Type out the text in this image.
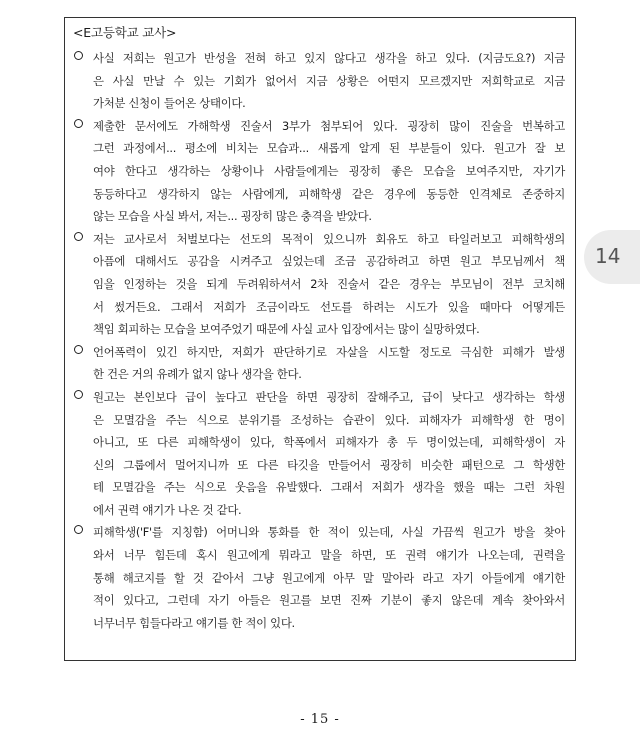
<E고등학교 교사>
사실 저희는 원고가 반성을 전혀 하고 있지 않다고 생각을 하고 있다. (지금도요?) 지금
은 사실 만날 수 있는 기회가 없어서 지금 상황은 어떤지 모르겠지만 저희학교로 지금
가처분 신청이 들어온 상태이다.
제출한 문서에도 가해학생 진술서 3부가 첨부되어 있다. 굉장히 많이 진술을 번복하고
그런 과정에서... 평소에 비치는 모습과... 새롭게 알게 된 부분들이 있다. 원고가 잘 보
여야 한다고 생각하는 상황이나 사람들에게는 굉장히 좋은 모습을 보여주지만, 자기가
동등하다고 생각하지 않는 사람에게, 피해학생 같은 경우에 동등한 인격체로 존중하지
않는 모습을 사실 봐서, 저는... 굉장히 많은 충격을 받았다.
저는 교사로서 처벌보다는 선도의 목적이 있으니까 회유도 하고 타일러보고 피해학생의
아픔에 대해서도 공감을 시켜주고 싶었는데 조금 공감하려고 하면 원고 부모님께서 책
임을 인정하는 것을 되게 두려워하셔서 2차 진술서 같은 경우는 부모님이 전부 코치해
서 썼거든요. 그래서 저희가 조금이라도 선도를 하려는 시도가 있을 때마다 어떻게든
책임 회피하는 모습을 보여주었기 때문에 사실 교사 입장에서는 많이 실망하였다.
언어폭력이 있긴 하지만, 저희가 판단하기로 자살을 시도할 정도로 극심한 피해가 발생
한 건은 거의 유례가 없지 않나 생각을 한다.
원고는 본인보다 급이 높다고 판단을 하면 굉장히 잘해주고, 급이 낮다고 생각하는 학생
은 모멸감을 주는 식으로 분위기를 조성하는 습관이 있다. 피해자가 피해학생 한 명이
아니고, 또 다른 피해학생이 있다, 학폭에서 피해자가 총 두 명이었는데, 피해학생이 자
신의 그룹에서 멀어지니까 또 다른 타깃을 만들어서 굉장히 비슷한 패턴으로 그 학생한
테 모멸감을 주는 식으로 웃음을 유발했다. 그래서 저희가 생각을 했을 때는 그런 차원
에서 권력 얘기가 나온 것 같다.
피해학생('F'를 지칭함) 어머니와 통화를 한 적이 있는데, 사실 가끔씩 원고가 방을 찾아
와서 너무 힘든데 혹시 원고에게 뭐라고 말을 하면, 또 권력 얘기가 나오는데, 권력을
통해 해코지를 할 것 같아서 그냥 원고에게 아무 말 말아라 라고 자기 아들에게 얘기한
적이 있다고, 그런데 자기 아들은 원고를 보면 진짜 기분이 좋지 않은데 계속 찾아와서
너무너무 힘들다라고 얘기를 한 적이 있다.
- 15 -
14
